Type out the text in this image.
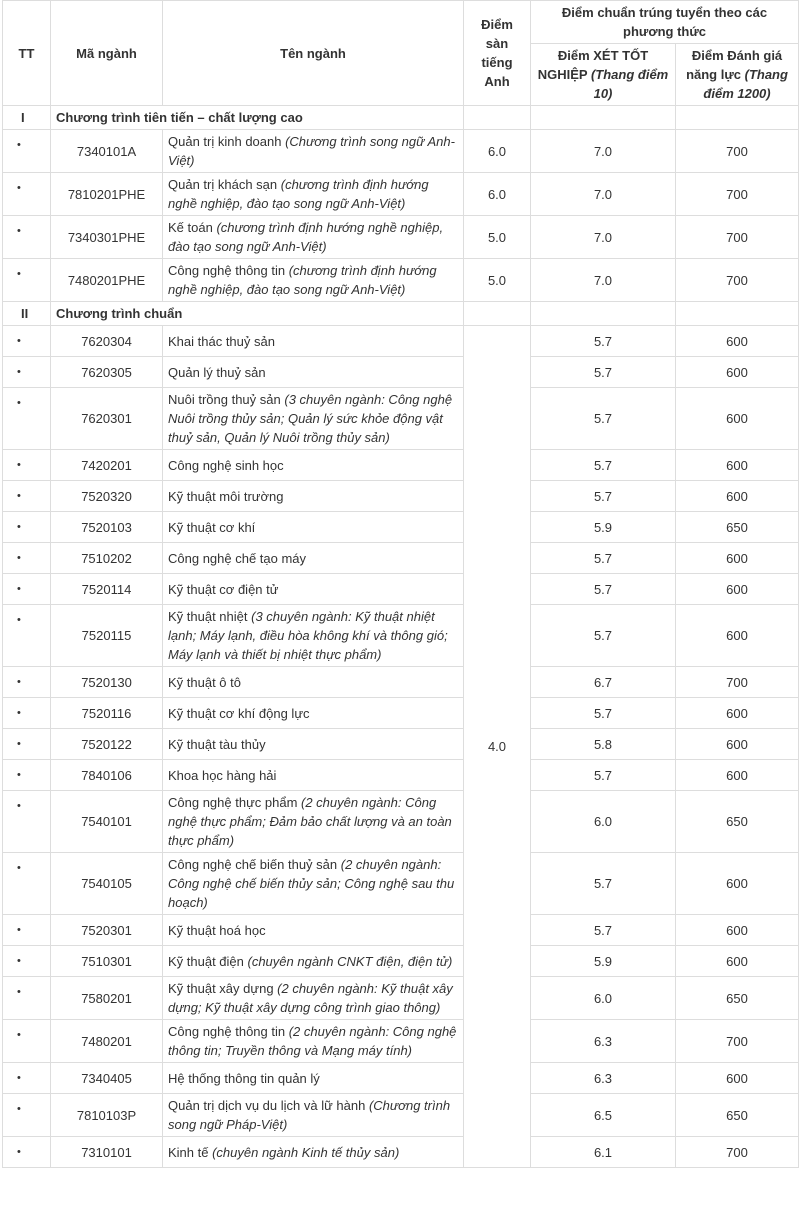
TT	Mã ngành	Tên ngành	Điểm sàn tiếng Anh	Điểm chuẩn trúng tuyển theo các phương thức	
				Điểm XÉT TỐT NGHIỆP (Thang điểm 10)	Điểm Đánh giá năng lực (Thang điểm 1200)
I	Chương trình tiên tiến – chất lượng cao				
•	7340101A	Quản trị kinh doanh (Chương trình song ngữ Anh-Việt)	6.0	7.0	700
•	7810201PHE	Quản trị khách sạn (chương trình định hướng nghề nghiệp, đào tạo song ngữ Anh-Việt)	6.0	7.0	700
•	7340301PHE	Kế toán (chương trình định hướng nghề nghiệp, đào tạo song ngữ Anh-Việt)	5.0	7.0	700
•	7480201PHE	Công nghệ thông tin (chương trình định hướng nghề nghiệp, đào tạo song ngữ Anh-Việt)	5.0	7.0	700
II	Chương trình chuẩn				
•	7620304	Khai thác thuỷ sản	4.0	5.7	600
•	7620305	Quản lý thuỷ sản		5.7	600
•	7620301	Nuôi trồng thuỷ sản (3 chuyên ngành: Công nghệ Nuôi trồng thủy sản; Quản lý sức khỏe động vật thuỷ sản, Quản lý Nuôi trồng thủy sản)		5.7	600
•	7420201	Công nghệ sinh học		5.7	600
•	7520320	Kỹ thuật môi trường		5.7	600
•	7520103	Kỹ thuật cơ khí		5.9	650
•	7510202	Công nghệ chế tạo máy		5.7	600
•	7520114	Kỹ thuật cơ điện tử		5.7	600
•	7520115	Kỹ thuật nhiệt (3 chuyên ngành: Kỹ thuật nhiệt lạnh; Máy lạnh, điều hòa không khí và thông gió; Máy lạnh và thiết bị nhiệt thực phẩm)		5.7	600
•	7520130	Kỹ thuật ô tô		6.7	700
•	7520116	Kỹ thuật cơ khí động lực		5.7	600
•	7520122	Kỹ thuật tàu thủy		5.8	600
•	7840106	Khoa học hàng hải		5.7	600
•	7540101	Công nghệ thực phẩm (2 chuyên ngành: Công nghệ thực phẩm; Đảm bảo chất lượng và an toàn thực phẩm)		6.0	650
•	7540105	Công nghệ chế biến thuỷ sản (2 chuyên ngành: Công nghệ chế biến thủy sản; Công nghệ sau thu hoạch)		5.7	600
•	7520301	Kỹ thuật hoá học		5.7	600
•	7510301	Kỹ thuật điện (chuyên ngành CNKT điện, điện tử)		5.9	600
•	7580201	Kỹ thuật xây dựng (2 chuyên ngành: Kỹ thuật xây dựng; Kỹ thuật xây dựng công trình giao thông)		6.0	650
•	7480201	Công nghệ thông tin (2 chuyên ngành: Công nghệ thông tin; Truyền thông và Mạng máy tính)		6.3	700
•	7340405	Hệ thống thông tin quản lý		6.3	600
•	7810103P	Quản trị dịch vụ du lịch và lữ hành (Chương trình song ngữ Pháp-Việt)		6.5	650
•	7310101	Kinh tế (chuyên ngành Kinh tế thủy sản)		6.1	700
